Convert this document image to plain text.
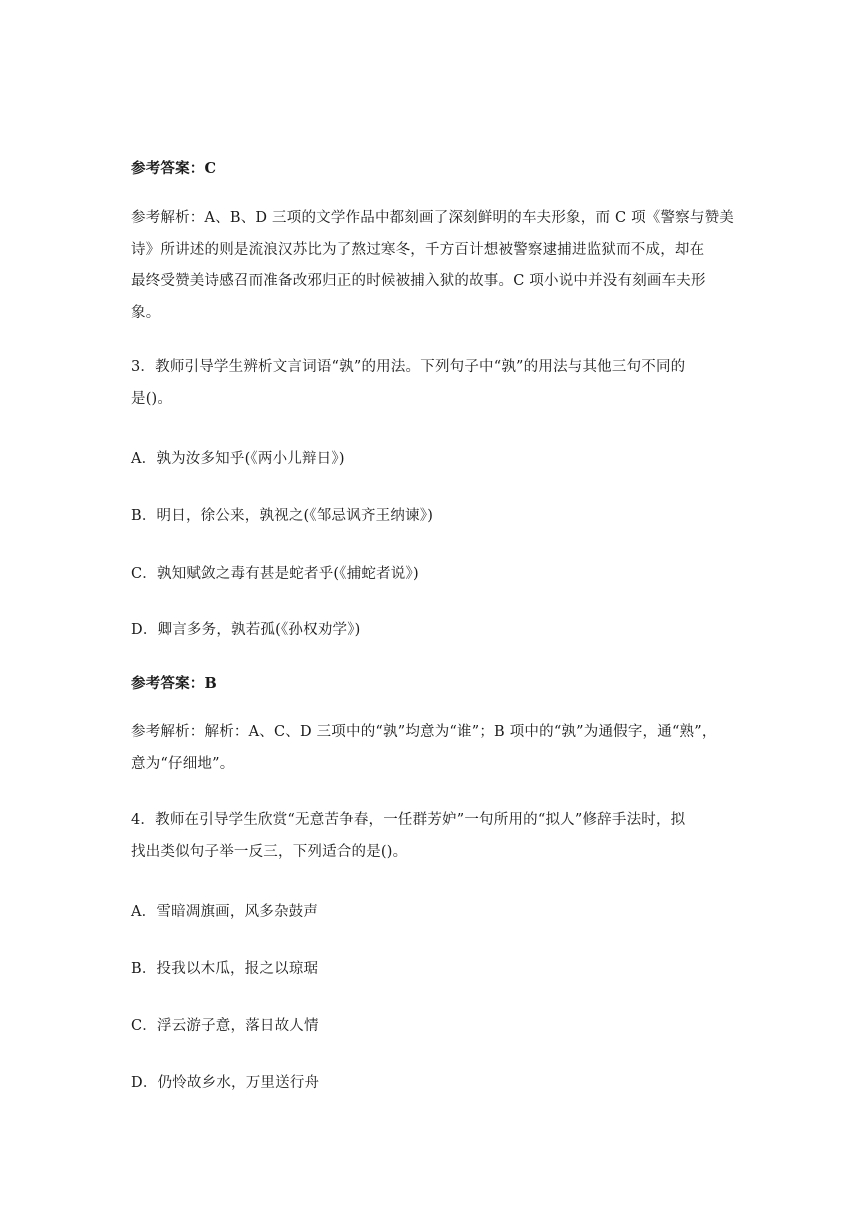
参考答案：C
参考解析：A、B、D 三项的文学作品中都刻画了深刻鲜明的车夫形象，而 C 项《警察与赞美
诗》所讲述的则是流浪汉苏比为了熬过寒冬，千方百计想被警察逮捕进监狱而不成，却在
最终受赞美诗感召而准备改邪归正的时候被捕入狱的故事。C 项小说中并没有刻画车夫形
象。
3．教师引导学生辨析文言词语“孰”的用法。下列句子中“孰”的用法与其他三句不同的
是()。
A．孰为汝多知乎(《两小儿辩日》)
B．明日，徐公来，孰视之(《邹忌讽齐王纳谏》)
C．孰知赋敛之毒有甚是蛇者乎(《捕蛇者说》)
D．卿言多务，孰若孤(《孙权劝学》)
参考答案：B
参考解析：解析：A、C、D 三项中的“孰”均意为“谁”；B 项中的“孰”为通假字，通“熟”，
意为“仔细地”。
4．教师在引导学生欣赏“无意苦争春，一任群芳妒”一句所用的“拟人”修辞手法时，拟
找出类似句子举一反三，下列适合的是()。
A．雪暗凋旗画，风多杂鼓声
B．投我以木瓜，报之以琼琚
C．浮云游子意，落日故人情
D．仍怜故乡水，万里送行舟
